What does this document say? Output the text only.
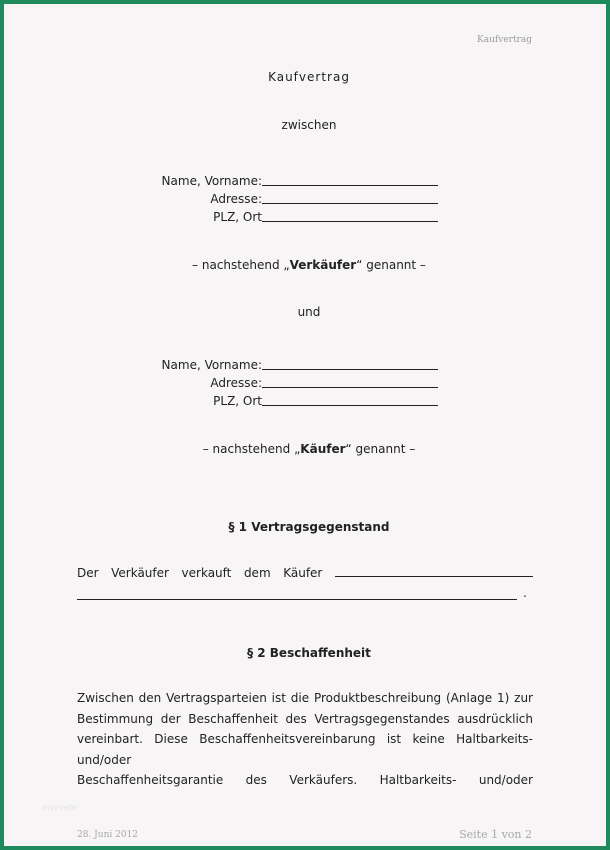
Kaufvertrag
Kaufvertrag
zwischen
Name, Vorname:
Adresse:
PLZ, Ort
– nachstehend „Verkäufer“ genannt –
und
Name, Vorname:
Adresse:
PLZ, Ort
– nachstehend „Käufer“ genannt –
§ 1 Vertragsgegenstand
Der Verkäufer verkauft dem Käufer
.
§ 2 Beschaffenheit
Zwischen den Vertragsparteien ist die Produktbeschreibung (Anlage 1) zur
Bestimmung der Beschaffenheit des Vertragsgegenstandes ausdrücklich
vereinbart. Diese Beschaffenheitsvereinbarung ist keine Haltbarkeits- und/oder
Beschaffenheitsgarantie des Verkäufers. Haltbarkeits- und/oder
mycvate
28. Juni 2012	Seite 1 von 2
